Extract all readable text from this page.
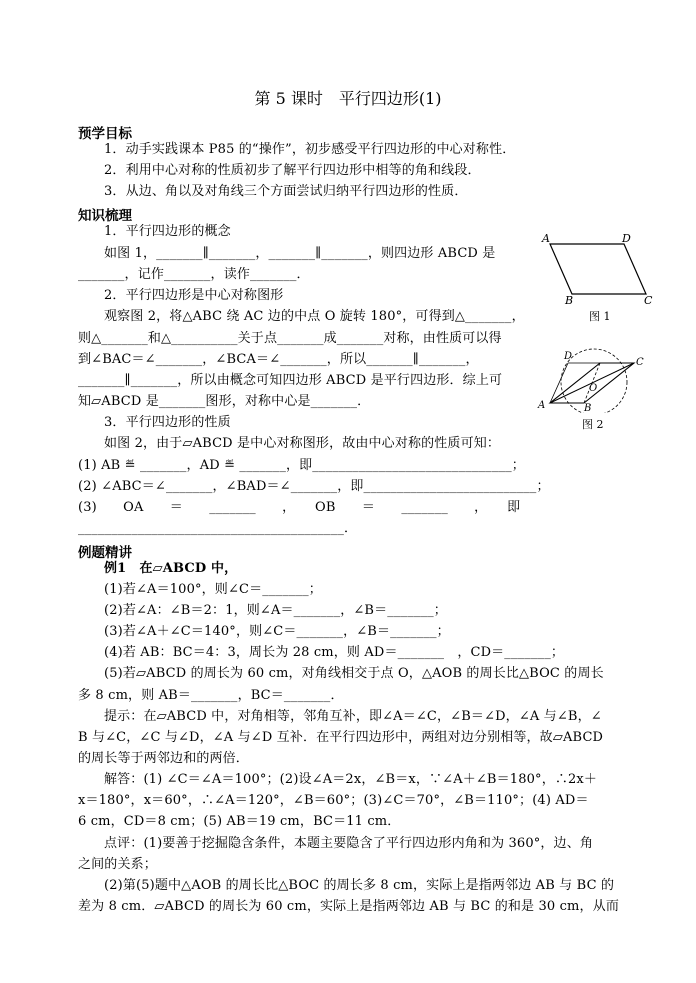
第 5 课时　平行四边形(1)
预学目标
1．动手实践课本 P85 的“操作”，初步感受平行四边形的中心对称性．
2．利用中心对称的性质初步了解平行四边形中相等的角和线段．
3．从边、角以及对角线三个方面尝试归纳平行四边形的性质．
知识梳理
1．平行四边形的概念
如图 1，_______∥_______，_______∥_______，则四边形 ABCD 是
_______，记作_______，读作_______．
2．平行四边形是中心对称图形
观察图 2，将△ABC 绕 AC 边的中点 O 旋转 180°，可得到△_______，
则△_______和△__________关于点_______成_______对称，由性质可以得
到∠BAC＝∠_______，∠BCA＝∠_______，所以_______∥_______，
_______∥_______，所以由概念可知四边形 ABCD 是平行四边形．综上可
知▱ABCD 是_______图形，对称中心是_______．
3．平行四边形的性质
如图 2，由于▱ABCD 是中心对称图形，故由中心对称的性质可知：
(1) AB ≝ _______，AD ≝ _______，即______________________________；
(2) ∠ABC＝∠_______，∠BAD＝∠_______，即__________________________；
(3)　　OA　　＝　　_______　　，　　OB　　＝　　_______　　，　　即
________________________________________．
例题精讲
例1　在▱ABCD 中，
(1)若∠A＝100°，则∠C＝_______；
(2)若∠A：∠B＝2：1，则∠A＝_______，∠B＝_______；
(3)若∠A＋∠C＝140°，则∠C＝_______，∠B＝_______；
(4)若 AB：BC＝4：3，周长为 28 cm，则 AD＝_______　，CD＝_______；
(5)若▱ABCD 的周长为 60 cm，对角线相交于点 O，△AOB 的周长比△BOC 的周长
多 8 cm，则 AB＝_______，BC＝_______．
提示：在▱ABCD 中，对角相等，邻角互补，即∠A＝∠C，∠B＝∠D，∠A 与∠B，∠
B 与∠C，∠C 与∠D，∠A 与∠D 互补．在平行四边形中，两组对边分别相等，故▱ABCD
的周长等于两邻边和的两倍．
解答：(1) ∠C＝∠A＝100°；(2)设∠A＝2x，∠B＝x，∵∠A＋∠B＝180°，∴2x＋
x＝180°，x＝60°，∴∠A＝120°，∠B＝60°；(3)∠C＝70°，∠B＝110°；(4) AD＝
6 cm，CD＝8 cm；(5) AB＝19 cm，BC＝11 cm．
点评：(1)要善于挖掘隐含条件，本题主要隐含了平行四边形内角和为 360°，边、角
之间的关系；
(2)第(5)题中△AOB 的周长比△BOC 的周长多 8 cm，实际上是指两邻边 AB 与 BC 的
差为 8 cm．▱ABCD 的周长为 60 cm，实际上是指两邻边 AB 与 BC 的和是 30 cm，从而
A	D
B	C
图 1
D
C
A
O
B
图 2
